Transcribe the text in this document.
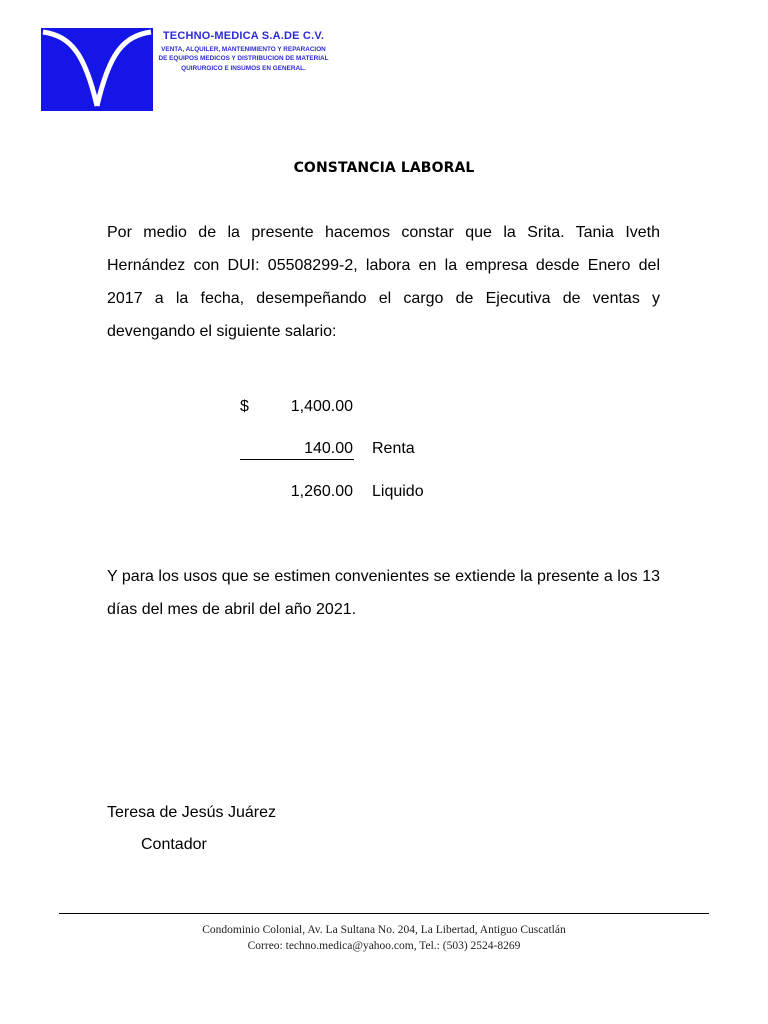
TECHNO-MEDICA S.A.DE C.V.
VENTA, ALQUILER, MANTENIMIENTO Y REPARACION
DE EQUIPOS MEDICOS Y DISTRIBUCION DE MATERIAL
QUIRURGICO E INSUMOS EN GENERAL.
CONSTANCIA LABORAL

Por medio de la presente hacemos constar que la Srita. Tania Iveth Hernández con DUI: 05508299-2, labora en la empresa desde Enero del 2017 a la fecha, desempeñando el cargo de Ejecutiva de ventas y devengando el siguiente salario:

$	1,400.00
140.00 Renta
1,260.00 Liquido

Y para los usos que se estimen convenientes se extiende la presente a los 13 días del mes de abril del año 2021.

Teresa de Jesús Juárez
Contador
Condominio Colonial, Av. La Sultana No. 204, La Libertad, Antiguo Cuscatlán
Correo: techno.medica@yahoo.com, Tel.: (503) 2524-8269
